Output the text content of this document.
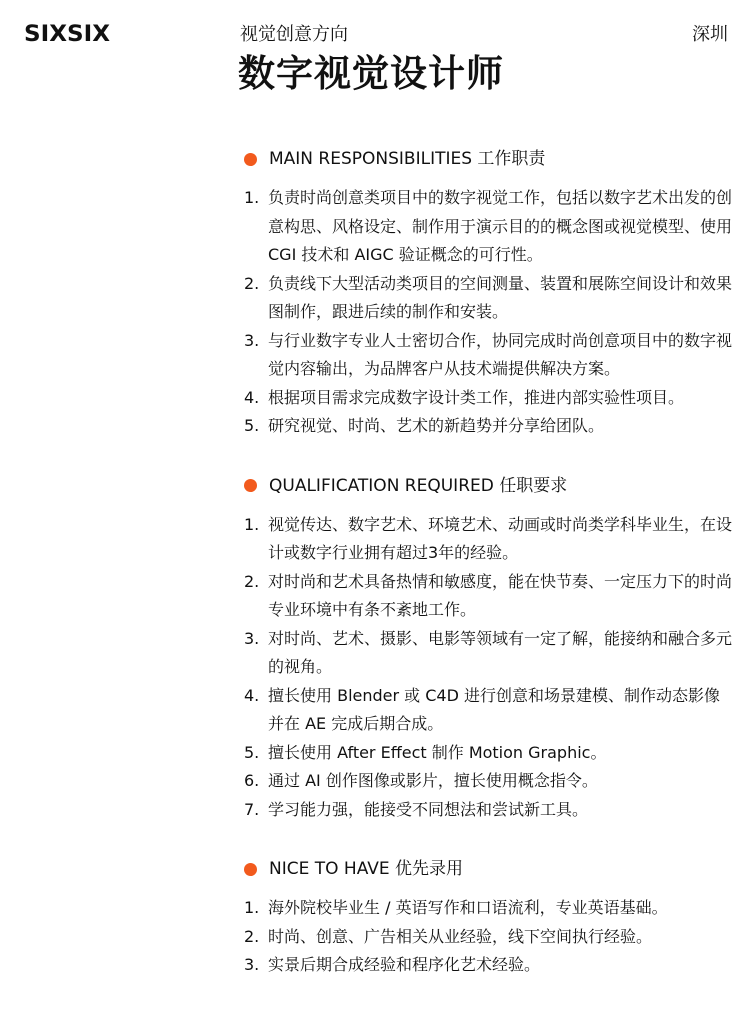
SIXSIX	视觉创意方向	深圳
数字视觉设计师
MAIN RESPONSIBILITIES 工作职责
1. 负责时尚创意类项目中的数字视觉工作，包括以数字艺术出发的创意构思、风格设定、制作用于演示目的的概念图或视觉模型、使用 CGI 技术和 AIGC 验证概念的可行性。
2. 负责线下大型活动类项目的空间测量、装置和展陈空间设计和效果图制作，跟进后续的制作和安装。
3. 与行业数字专业人士密切合作，协同完成时尚创意项目中的数字视觉内容输出，为品牌客户从技术端提供解决方案。
4. 根据项目需求完成数字设计类工作，推进内部实验性项目。
5. 研究视觉、时尚、艺术的新趋势并分享给团队。
QUALIFICATION REQUIRED 任职要求
1. 视觉传达、数字艺术、环境艺术、动画或时尚类学科毕业生，在设计或数字行业拥有超过3年的经验。
2. 对时尚和艺术具备热情和敏感度，能在快节奏、一定压力下的时尚专业环境中有条不紊地工作。
3. 对时尚、艺术、摄影、电影等领域有一定了解，能接纳和融合多元的视角。
4. 擅长使用 Blender 或 C4D 进行创意和场景建模、制作动态影像并在 AE 完成后期合成。
5. 擅长使用 After Effect 制作 Motion Graphic。
6. 通过 AI 创作图像或影片，擅长使用概念指令。
7. 学习能力强，能接受不同想法和尝试新工具。
NICE TO HAVE 优先录用
1. 海外院校毕业生 / 英语写作和口语流利，专业英语基础。
2. 时尚、创意、广告相关从业经验，线下空间执行经验。
3. 实景后期合成经验和程序化艺术经验。
